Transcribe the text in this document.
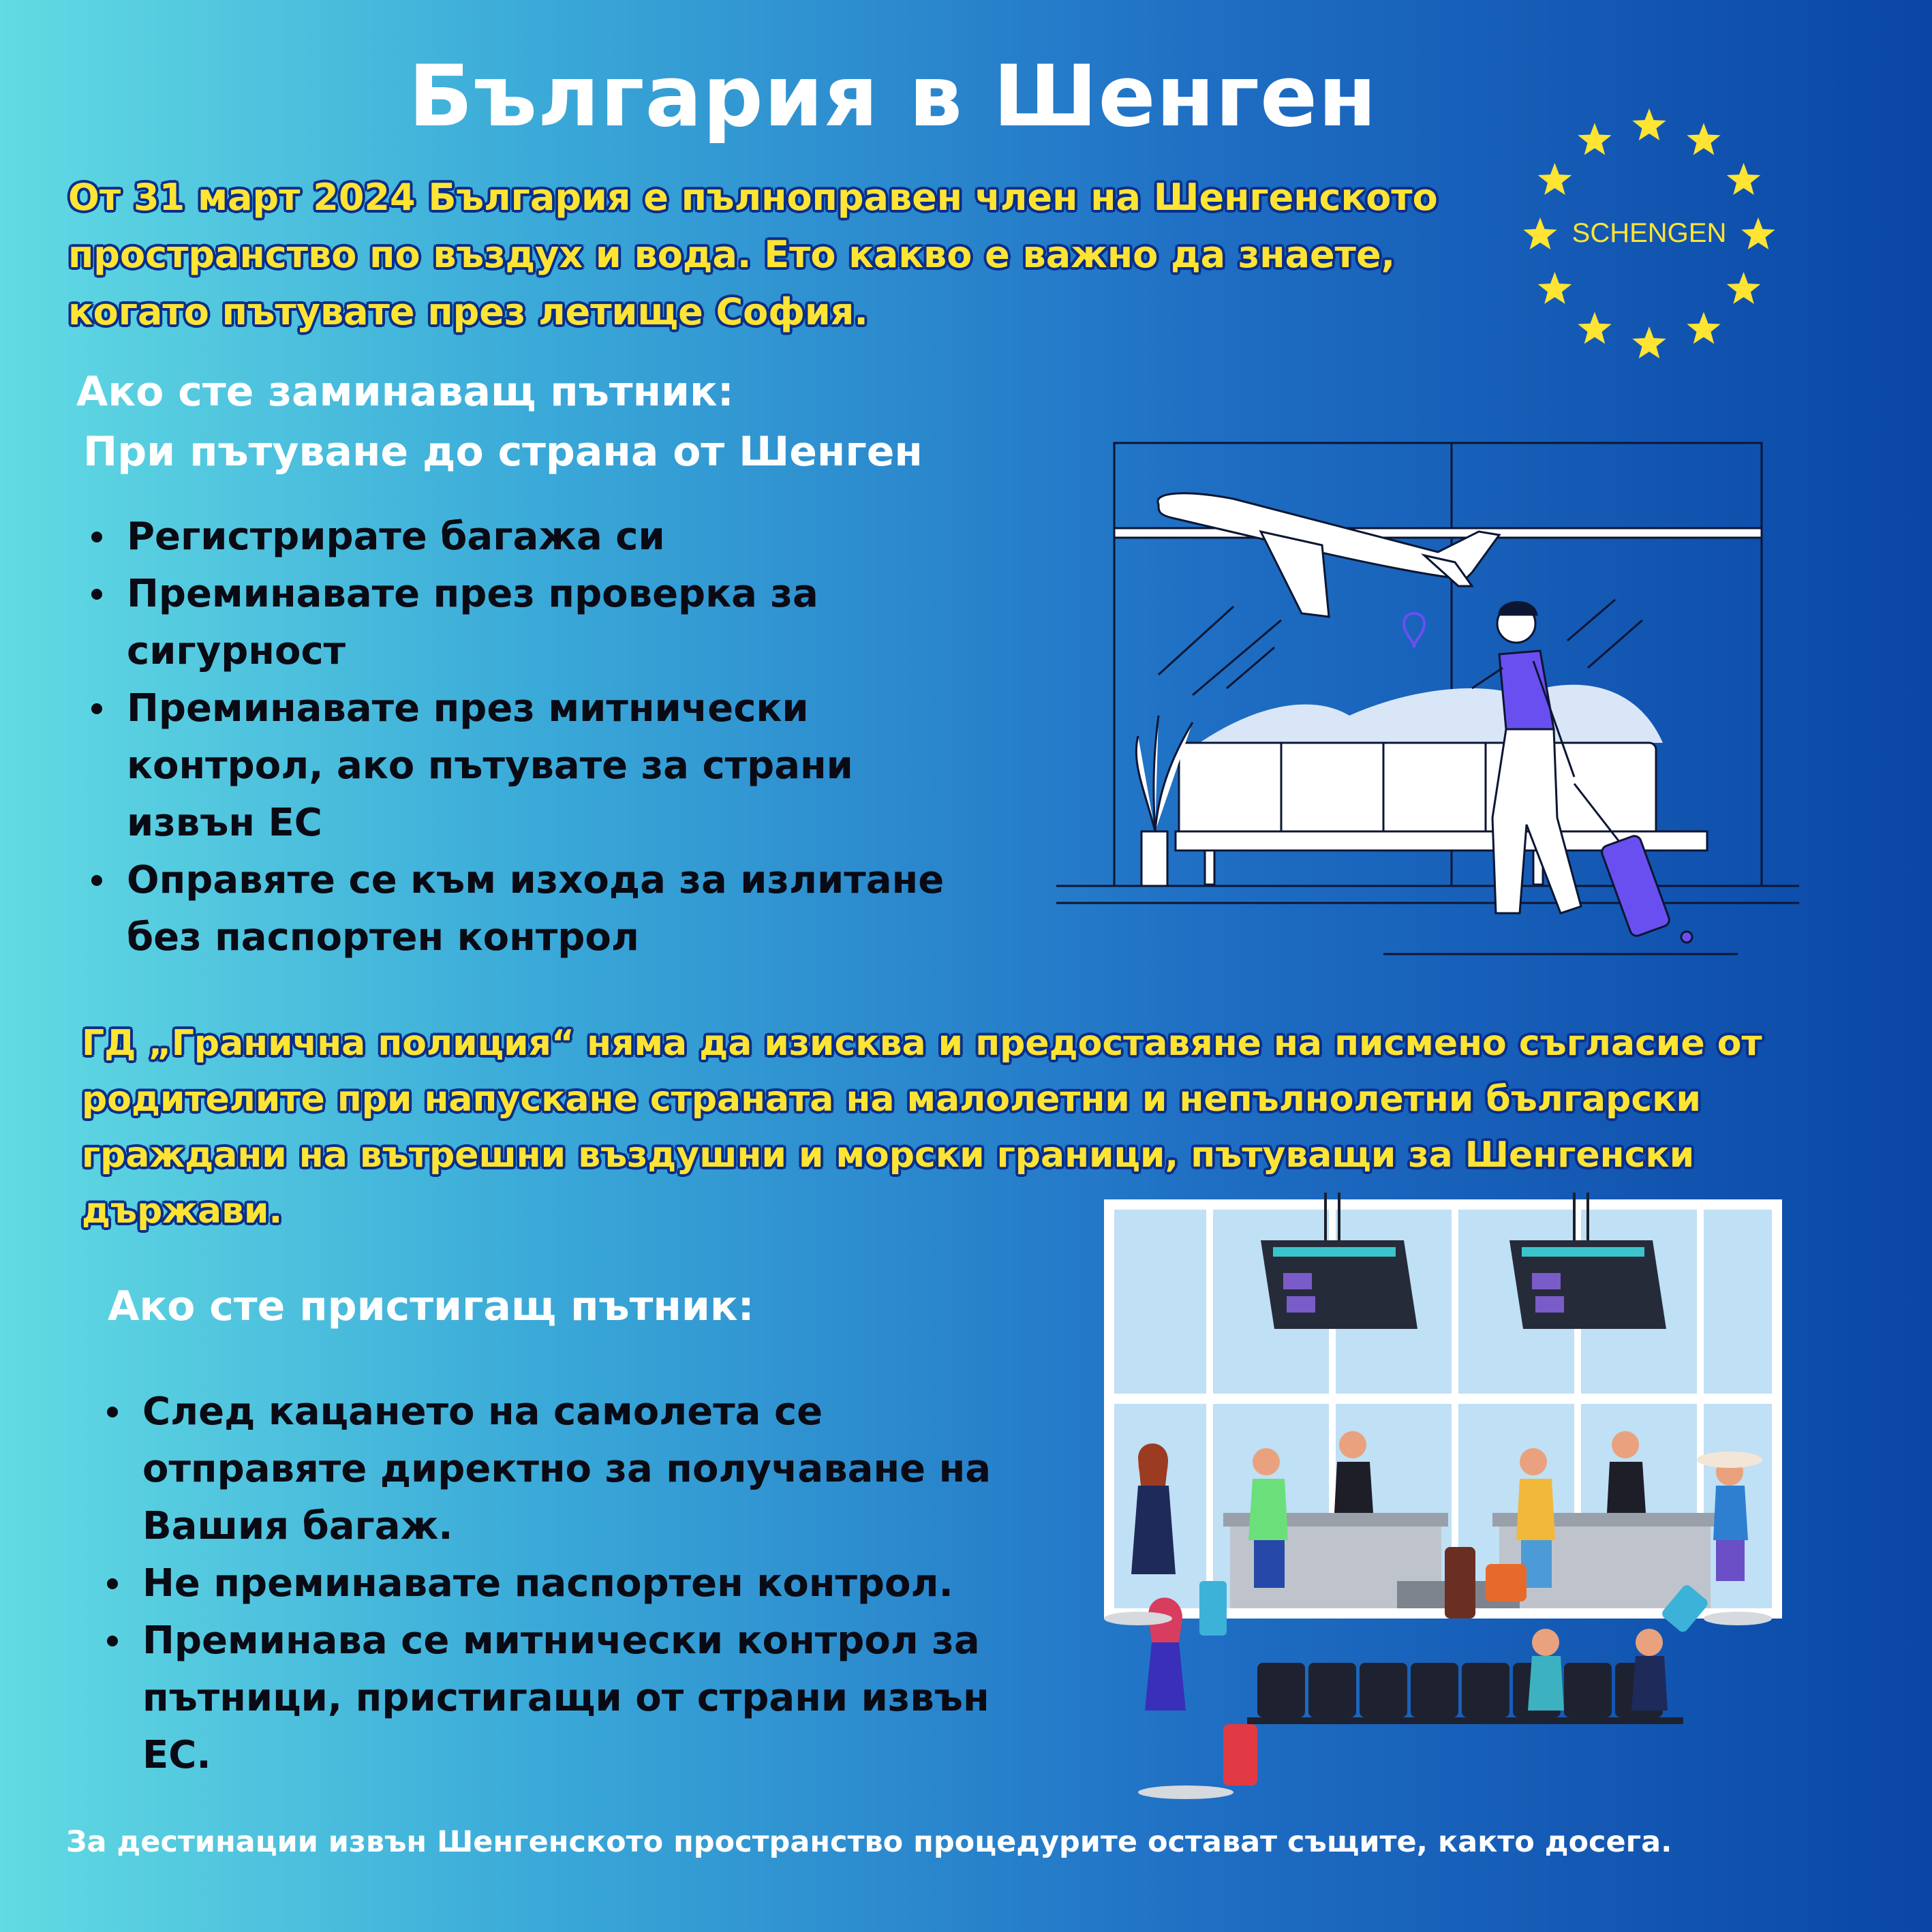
България в Шенген
От 31 март 2024 България е пълноправен член на Шенгенското пространство по въздух и вода. Ето какво е важно да знаете, когато пътувате през летище София.
SCHENGEN
Ако сте заминаващ пътник:
При пътуване до страна от Шенген
Регистрирате багажа си
Преминавате през проверка за сигурност
Преминавате през митнически контрол, ако пътувате за страни извън ЕС
Оправяте се към изхода за излитане без паспортен контрол
ГД „Гранична полиция“ няма да изисква и предоставяне на писмено съгласие от родителите при напускане страната на малолетни и непълнолетни български граждани на вътрешни въздушни и морски граници, пътуващи за Шенгенски държави.
Ако сте пристигащ пътник:
След кацането на самолета се отправяте директно за получаване на Вашия багаж.
Не преминавате паспортен контрол.
Преминава се митнически контрол за пътници, пристигащи от страни извън ЕС.
За дестинации извън Шенгенското пространство процедурите остават същите, както досега.
